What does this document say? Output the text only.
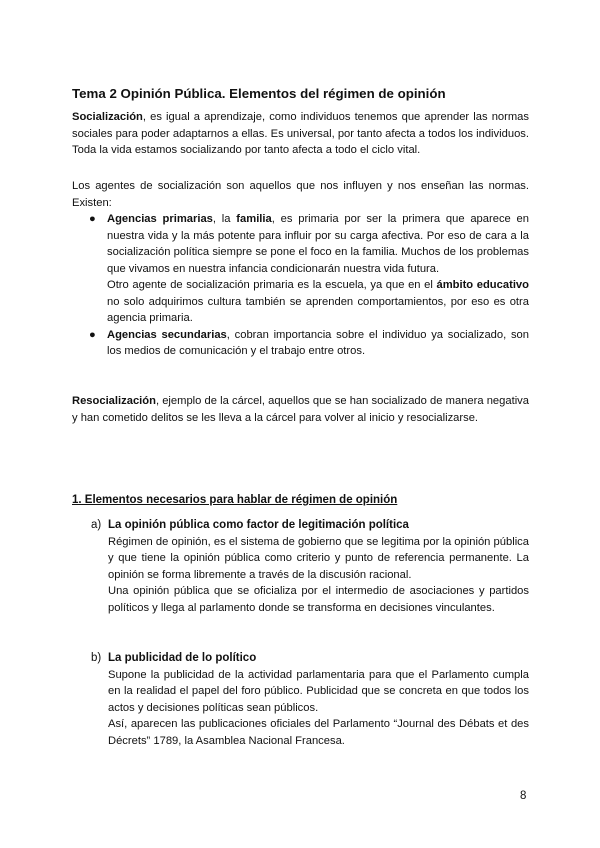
Tema 2 Opinión Pública. Elementos del régimen de opinión

Socialización, es igual a aprendizaje, como individuos tenemos que aprender las normas sociales para poder adaptarnos a ellas. Es universal, por tanto afecta a todos los individuos. Toda la vida estamos socializando por tanto afecta a todo el ciclo vital.

Los agentes de socialización son aquellos que nos influyen y nos enseñan las normas. Existen:

● Agencias primarias, la familia, es primaria por ser la primera que aparece en nuestra vida y la más potente para influir por su carga afectiva. Por eso de cara a la socialización política siempre se pone el foco en la familia. Muchos de los problemas que vivamos en nuestra infancia condicionarán nuestra vida futura.

Otro agente de socialización primaria es la escuela, ya que en el ámbito educativo no solo adquirimos cultura también se aprenden comportamientos, por eso es otra agencia primaria.

● Agencias secundarias, cobran importancia sobre el individuo ya socializado, son los medios de comunicación y el trabajo entre otros.

Resocialización, ejemplo de la cárcel, aquellos que se han socializado de manera negativa y han cometido delitos se les lleva a la cárcel para volver al inicio y resocializarse.

1. Elementos necesarios para hablar de régimen de opinión
a) La opinión pública como factor de legitimación política

Régimen de opinión, es el sistema de gobierno que se legitima por la opinión pública y que tiene la opinión pública como criterio y punto de referencia permanente. La opinión se forma libremente a través de la discusión racional.

Una opinión pública que se oficializa por el intermedio de asociaciones y partidos políticos y llega al parlamento donde se transforma en decisiones vinculantes.

b) La publicidad de lo político

Supone la publicidad de la actividad parlamentaria para que el Parlamento cumpla en la realidad el papel del foro público. Publicidad que se concreta en que todos los actos y decisiones políticas sean públicos.

Así, aparecen las publicaciones oficiales del Parlamento “Journal des Débats et des Décrets” 1789, la Asamblea Nacional Francesa.

8
